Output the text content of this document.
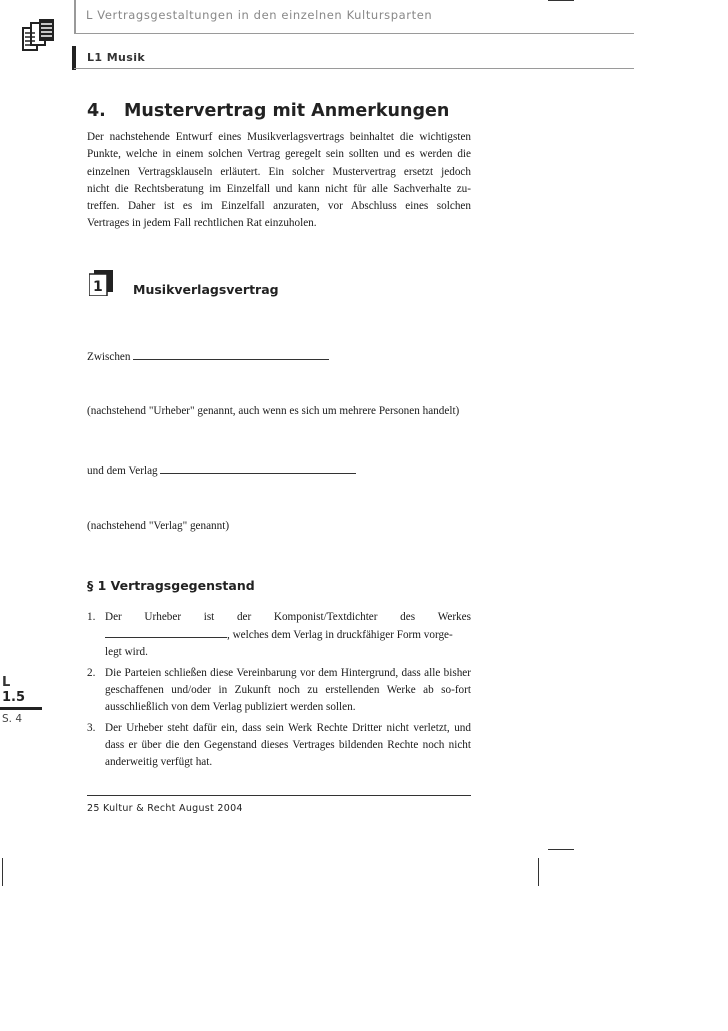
L Vertragsgestaltungen in den einzelnen Kultursparten
L1 Musik
4. Mustervertrag mit Anmerkungen
Der nachstehende Entwurf eines Musikverlagsvertrags beinhaltet die wichtigsten
Punkte, welche in einem solchen Vertrag geregelt sein sollten und es werden die
einzelnen Vertragsklauseln erläutert. Ein solcher Mustervertrag ersetzt jedoch
nicht die Rechtsberatung im Einzelfall und kann nicht für alle Sachverhalte zu-
treffen. Daher ist es im Einzelfall anzuraten, vor Abschluss eines solchen
Vertrages in jedem Fall rechtlichen Rat einzuholen.
1 Musikverlagsvertrag
Zwischen
(nachstehend "Urheber" genannt, auch wenn es sich um mehrere Personen handelt)
und dem Verlag
(nachstehend "Verlag" genannt)
§ 1 Vertragsgegenstand
1. Der Urheber ist der Komponist/Textdichter des Werkes
, welches dem Verlag in druckfähiger Form vorge-
legt wird.
2. Die Parteien schließen diese Vereinbarung vor dem Hintergrund, dass alle bisher geschaffenen und/oder in Zukunft noch zu erstellenden Werke ab so-fort ausschließlich von dem Verlag publiziert werden sollen.
3. Der Urheber steht dafür ein, dass sein Werk Rechte Dritter nicht verletzt, und dass er über die den Gegenstand dieses Vertrages bildenden Rechte noch nicht anderweitig verfügt hat.
25 Kultur & Recht August 2004
L
1.5
S. 4
